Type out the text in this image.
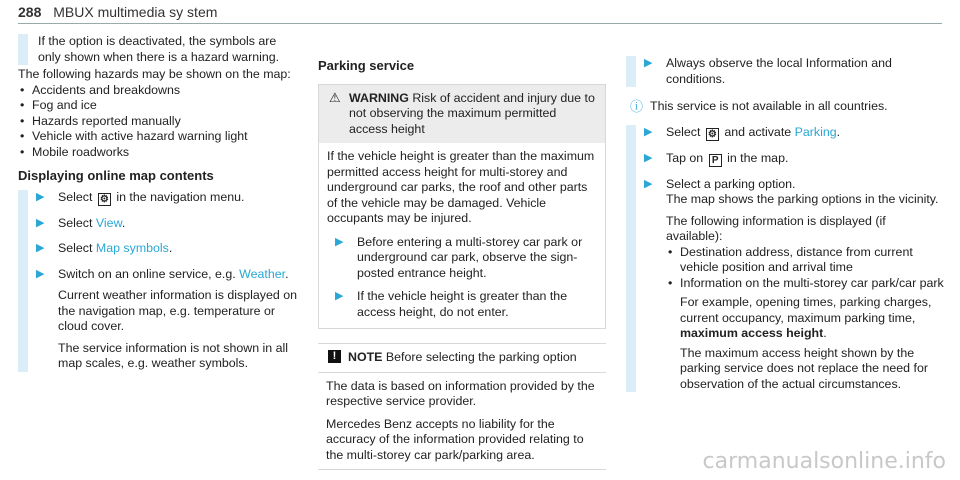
288 MBUX multimedia sy stem

If the option is deactivated, the symbols are only shown when there is a hazard warning.

The following hazards may be shown on the map:

• Accidents and breakdowns
• Fog and ice
• Hazards reported manually
• Vehicle with active hazard warning light
• Mobile roadworks
Displaying online map contents
▶ Select ⚙ in the navigation menu.

▶ Select View.

▶ Select Map symbols.

▶ Switch on an online service, e.g. Weather.

Current weather information is displayed on the navigation map, e.g. temperature or cloud cover.

The service information is not shown in all map scales, e.g. weather symbols.

Parking service
⚠ WARNING Risk of accident and injury due to not observing the maximum permitted access height

If the vehicle height is greater than the maximum permitted access height for multi-storey and underground car parks, the roof and other parts of the vehicle may be damaged. Vehicle occupants may be injured.

▶ Before entering a multi-storey car park or underground car park, observe the sign-posted entrance height.

▶ If the vehicle height is greater than the access height, do not enter.

! NOTE Before selecting the parking option

The data is based on information provided by the respective service provider.

Mercedes Benz accepts no liability for the accuracy of the information provided relating to the multi-storey car park/parking area.

▶ Always observe the local Information and conditions.

ⓘ This service is not available in all countries.

▶ Select ⚙ and activate Parking.

▶ Tap on P in the map.

▶ Select a parking option.

The map shows the parking options in the vicinity.

The following information is displayed (if available):

• Destination address, distance from current vehicle position and arrival time

• Information on the multi-storey car park/car park

For example, opening times, parking charges, current occupancy, maximum parking time, maximum access height.

The maximum access height shown by the parking service does not replace the need for observation of the actual circumstances.

carmanualsonline.info
